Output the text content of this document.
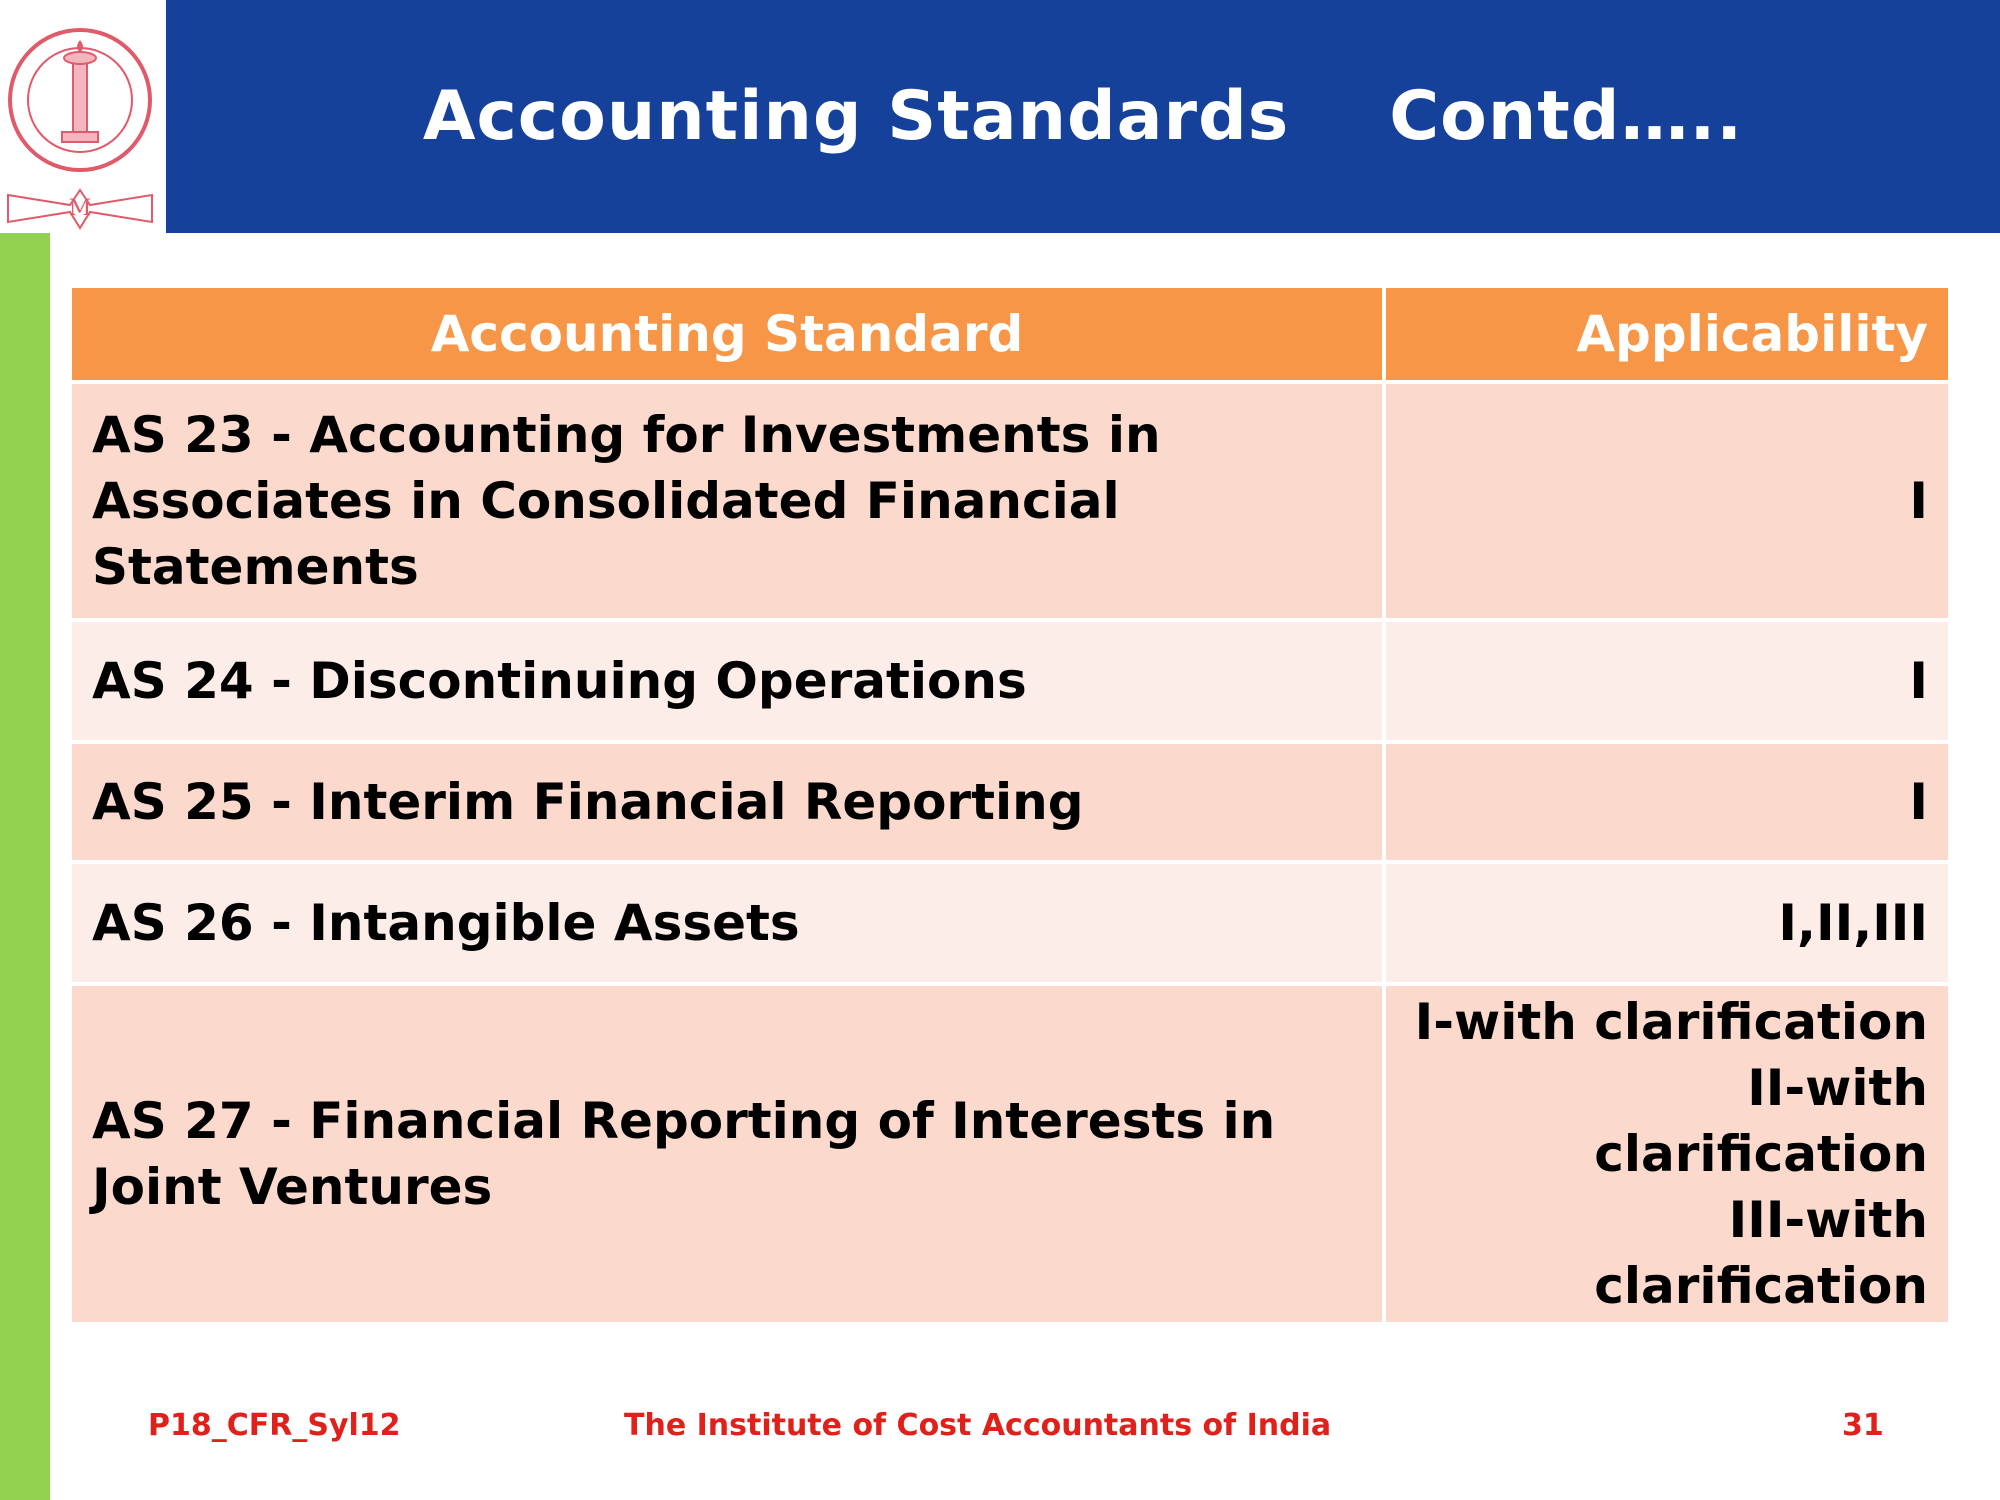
M
Accounting Standards Contd…..
Accounting Standard	Applicability
AS 23 - Accounting for Investments in Associates in Consolidated Financial Statements	I
AS 24 - Discontinuing Operations	I
AS 25 - Interim Financial Reporting	I
AS 26 - Intangible Assets	I,II,III
AS 27 - Financial Reporting of Interests in Joint Ventures	I-with clarification
II-with clarification
III-with clarification
P18_CFR_Syl12	The Institute of Cost Accountants of India	31
